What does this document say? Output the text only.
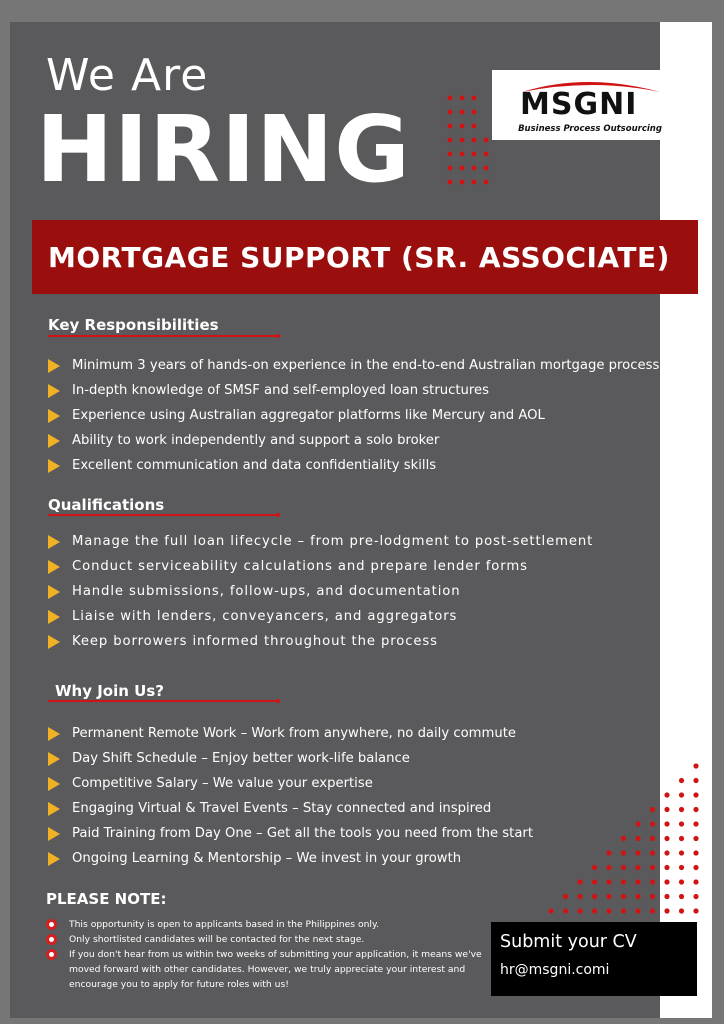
We Are
HIRING	MSGNI
Business Process Outsourcing
MORTGAGE SUPPORT (SR. ASSOCIATE)
Key Responsibilities
Minimum 3 years of hands-on experience in the end-to-end Australian mortgage process
In-depth knowledge of SMSF and self-employed loan structures
Experience using Australian aggregator platforms like Mercury and AOL
Ability to work independently and support a solo broker
Excellent communication and data confidentiality skills
Qualifications
Manage the full loan lifecycle – from pre-lodgment to post-settlement
Conduct serviceability calculations and prepare lender forms
Handle submissions, follow-ups, and documentation
Liaise with lenders, conveyancers, and aggregators
Keep borrowers informed throughout the process
Why Join Us?
Permanent Remote Work – Work from anywhere, no daily commute
Day Shift Schedule – Enjoy better work-life balance
Competitive Salary – We value your expertise
Engaging Virtual & Travel Events – Stay connected and inspired
Paid Training from Day One – Get all the tools you need from the start
Ongoing Learning & Mentorship – We invest in your growth
PLEASE NOTE:
This opportunity is open to applicants based in the Philippines only.
Only shortlisted candidates will be contacted for the next stage.
If you don't hear from us within two weeks of submitting your application, it means we've moved forward with other candidates. However, we truly appreciate your interest and encourage you to apply for future roles with us!
Submit your CV
hr@msgni.comi
